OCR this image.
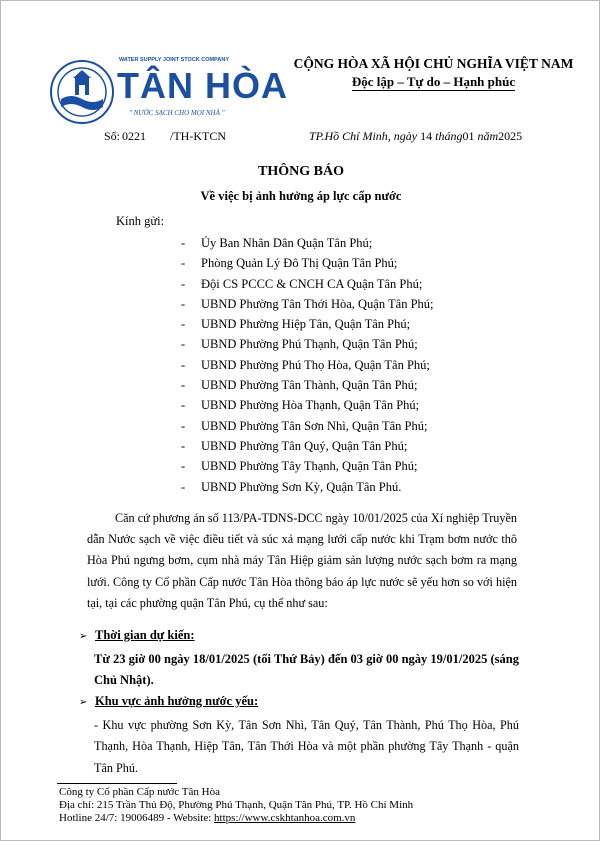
WATER SUPPLY JOINT STOCK COMPANY
TÂN HÒA
" NƯỚC SẠCH CHO MỌI NHÀ "
CỘNG HÒA XÃ HỘI CHỦ NGHĨA VIỆT NAM
Độc lập – Tự do – Hạnh phúc
Số: 0221 /TH-KTCN	TP.Hồ Chí Minh, ngày 14 tháng01 năm2025
THÔNG BÁO
Về việc bị ảnh hưởng áp lực cấp nước
Kính gửi:
- Ủy Ban Nhân Dân Quận Tân Phú;
- Phòng Quản Lý Đô Thị Quận Tân Phú;
- Đội CS PCCC & CNCH CA Quận Tân Phú;
- UBND Phường Tân Thới Hòa, Quận Tân Phú;
- UBND Phường Hiệp Tân, Quận Tân Phú;
- UBND Phường Phú Thạnh, Quận Tân Phú;
- UBND Phường Phú Thọ Hòa, Quận Tân Phú;
- UBND Phường Tân Thành, Quận Tân Phú;
- UBND Phường Hòa Thạnh, Quận Tân Phú;
- UBND Phường Tân Sơn Nhì, Quận Tân Phú;
- UBND Phường Tân Quý, Quận Tân Phú;
- UBND Phường Tây Thạnh, Quận Tân Phú;
- UBND Phường Sơn Kỳ, Quận Tân Phú.
Căn cứ phương án số 113/PA-TDNS-DCC ngày 10/01/2025 của Xí nghiệp Truyền dẫn Nước sạch về việc điều tiết và súc xả mạng lưới cấp nước khi Trạm bơm nước thô Hòa Phú ngưng bơm, cụm nhà máy Tân Hiệp giảm sản lượng nước sạch bơm ra mạng lưới. Công ty Cổ phần Cấp nước Tân Hòa thông báo áp lực nước sẽ yếu hơn so với hiện tại, tại các phường quận Tân Phú, cụ thể như sau:
➢ Thời gian dự kiến:
Từ 23 giờ 00 ngày 18/01/2025 (tối Thứ Bảy) đến 03 giờ 00 ngày 19/01/2025 (sáng Chủ Nhật).
➢ Khu vực ảnh hưởng nước yếu:
- Khu vực phường Sơn Kỳ, Tân Sơn Nhì, Tân Quý, Tân Thành, Phú Thọ Hòa, Phú Thạnh, Hòa Thạnh, Hiệp Tân, Tân Thới Hòa và một phần phường Tây Thạnh - quận Tân Phú.
Công ty Cổ phần Cấp nước Tân Hòa
Địa chỉ: 215 Trần Thủ Độ, Phường Phú Thạnh, Quận Tân Phú, TP. Hồ Chí Minh
Hotline 24/7: 19006489 - Website: https://www.cskhtanhoa.com.vn
